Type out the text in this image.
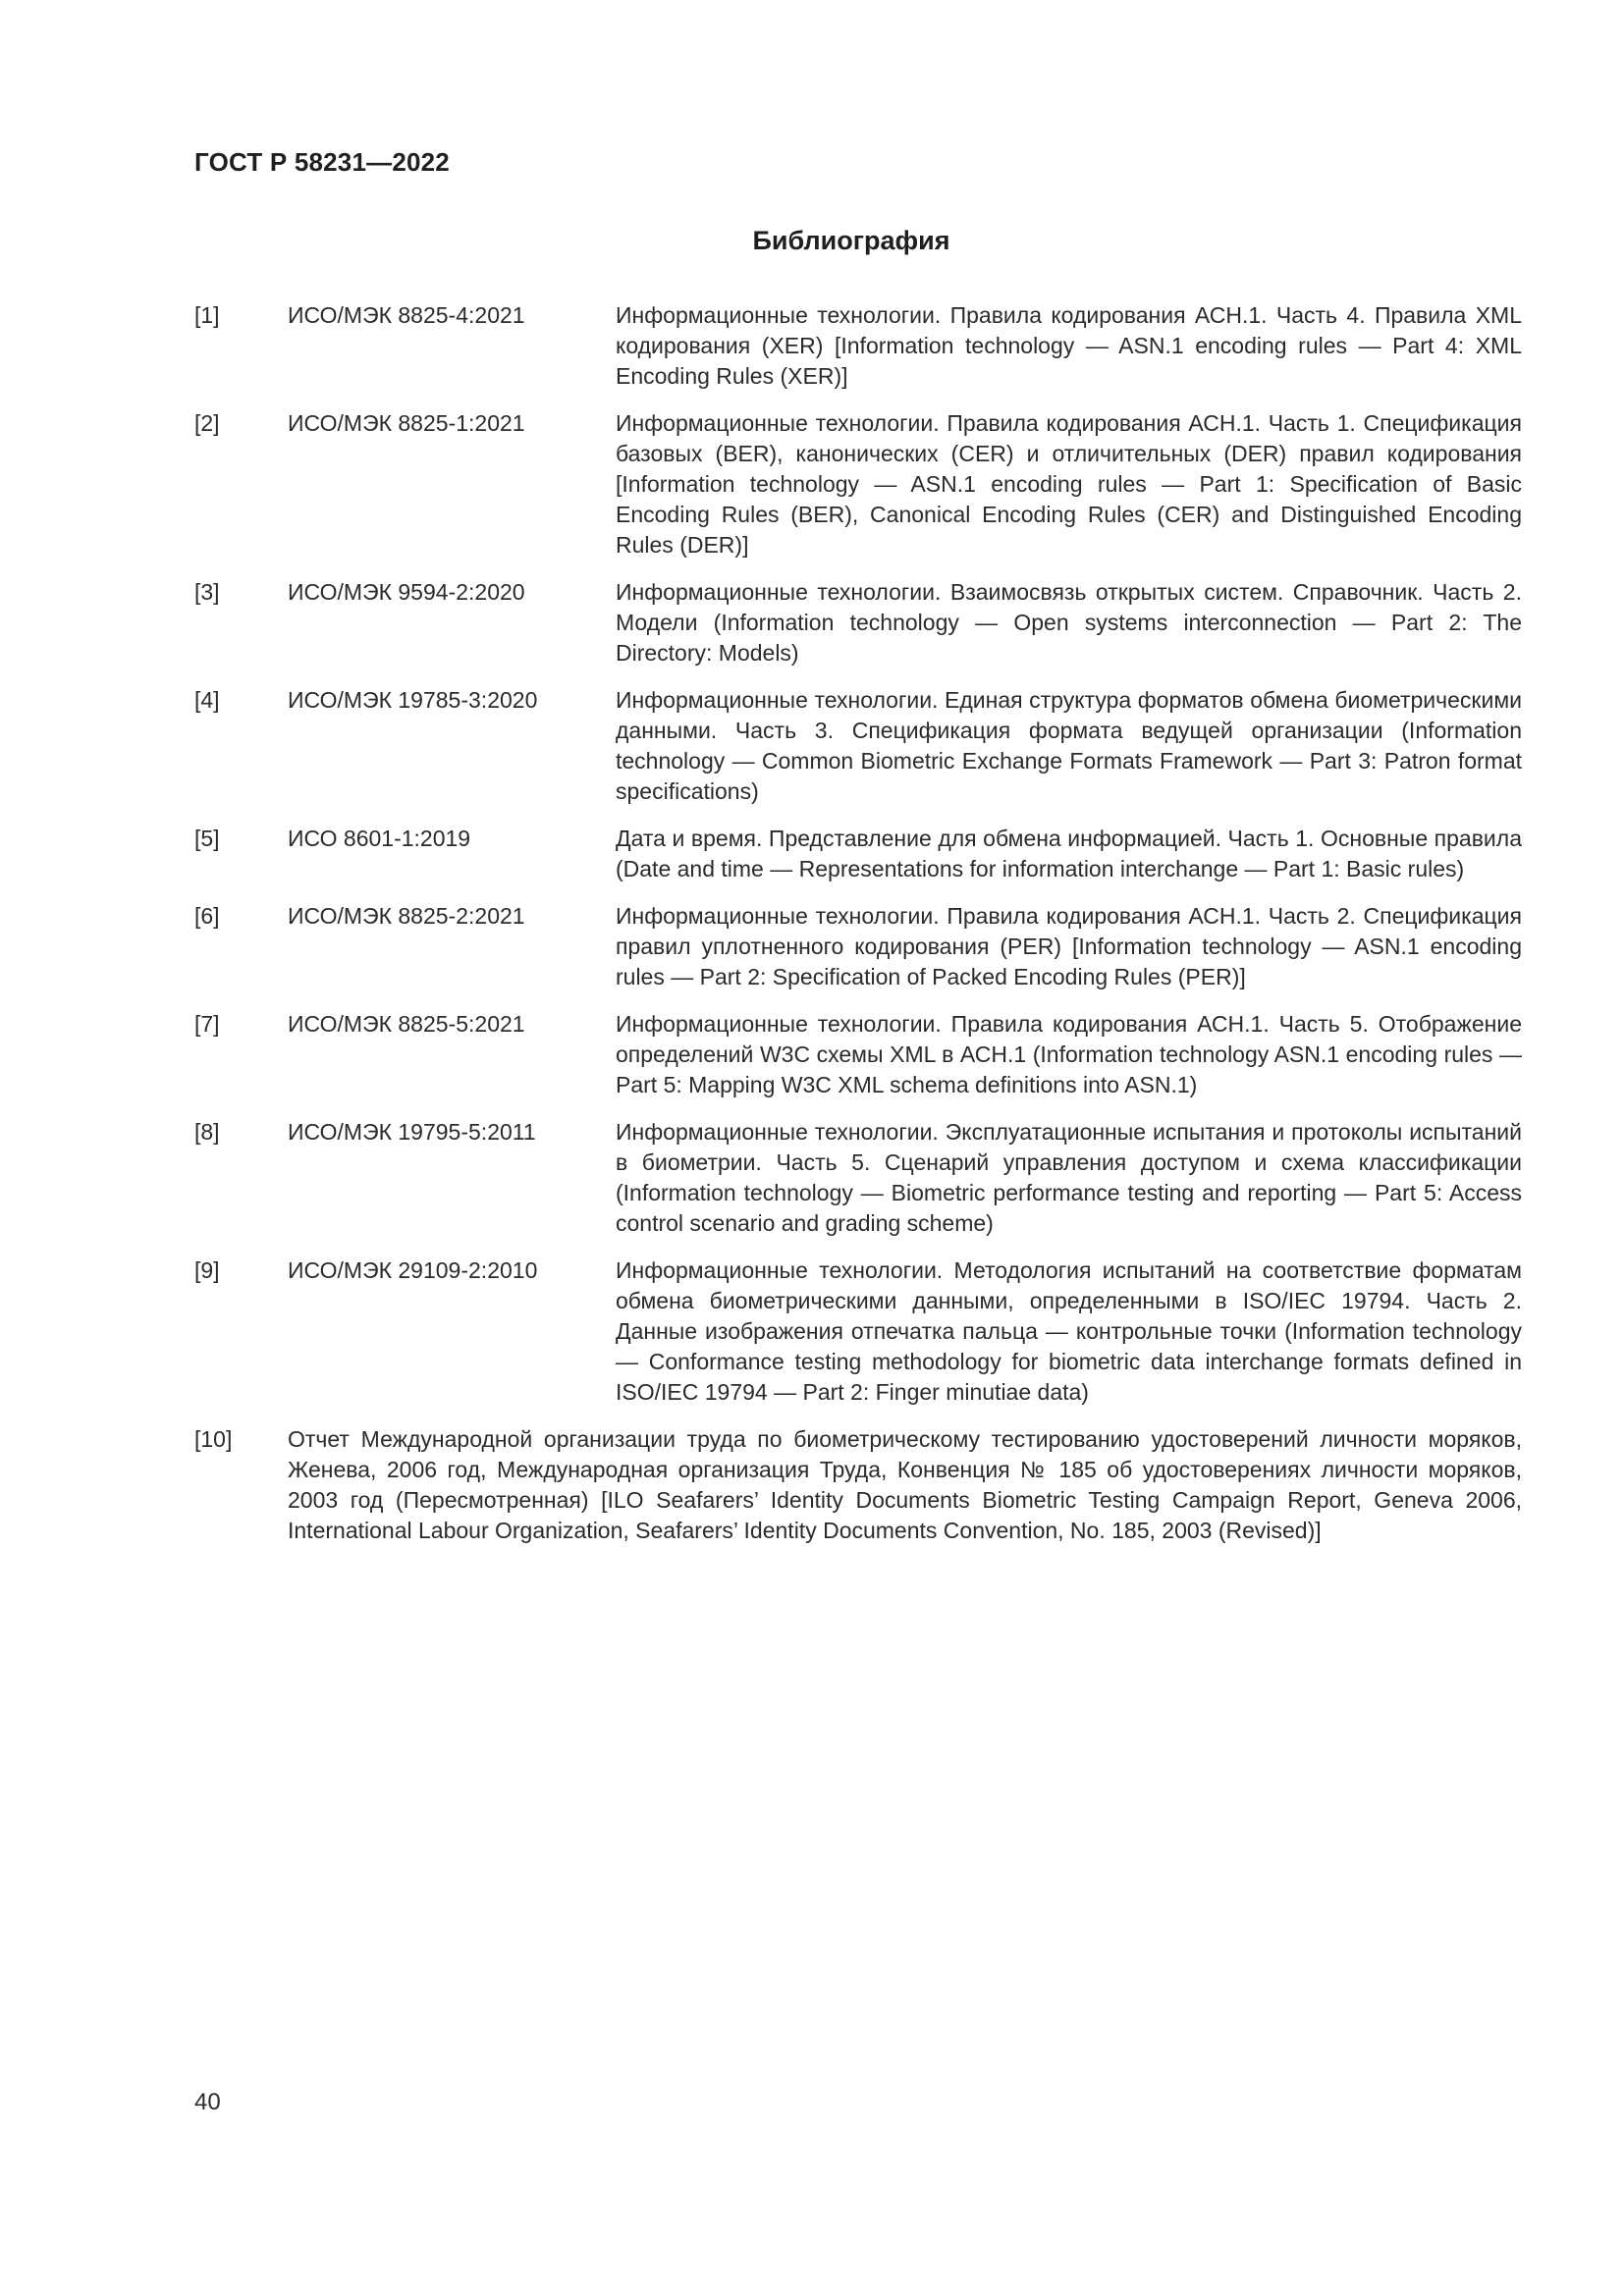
ГОСТ Р 58231—2022
Библиография
[1]	ИСО/МЭК 8825-4:2021	Информационные технологии. Правила кодирования АСН.1. Часть 4. Правила XML кодирования (XER) [Information technology — ASN.1 encoding rules — Part 4: XML Encoding Rules (XER)]
[2]	ИСО/МЭК 8825-1:2021	Информационные технологии. Правила кодирования АСН.1. Часть 1. Спецификация базовых (BER), канонических (CER) и отличительных (DER) правил кодирования [Information technology — ASN.1 encoding rules — Part 1: Specification of Basic Encoding Rules (BER), Canonical Encoding Rules (CER) and Distinguished Encoding Rules (DER)]
[3]	ИСО/МЭК 9594-2:2020	Информационные технологии. Взаимосвязь открытых систем. Справочник. Часть 2. Модели (Information technology — Open systems interconnection — Part 2: The Directory: Models)
[4]	ИСО/МЭК 19785-3:2020	Информационные технологии. Единая структура форматов обмена биометрическими данными. Часть 3. Спецификация формата ведущей организации (Information technology — Common Biometric Exchange Formats Framework — Part 3: Patron format specifications)
[5]	ИСО 8601-1:2019	Дата и время. Представление для обмена информацией. Часть 1. Основные правила (Date and time — Representations for information interchange — Part 1: Basic rules)
[6]	ИСО/МЭК 8825-2:2021	Информационные технологии. Правила кодирования АСН.1. Часть 2. Спецификация правил уплотненного кодирования (PER) [Information technology — ASN.1 encoding rules — Part 2: Specification of Packed Encoding Rules (PER)]
[7]	ИСО/МЭК 8825-5:2021	Информационные технологии. Правила кодирования АСН.1. Часть 5. Отображение определений W3C схемы XML в АСН.1 (Information technology ASN.1 encoding rules — Part 5: Mapping W3C XML schema definitions into ASN.1)
[8]	ИСО/МЭК 19795-5:2011	Информационные технологии. Эксплуатационные испытания и протоколы испытаний в биометрии. Часть 5. Сценарий управления доступом и схема классификации (Information technology — Biometric performance testing and reporting — Part 5: Access control scenario and grading scheme)
[9]	ИСО/МЭК 29109-2:2010	Информационные технологии. Методология испытаний на соответствие форматам обмена биометрическими данными, определенными в ISO/IEC 19794. Часть 2. Данные изображения отпечатка пальца — контрольные точки (Information technology — Conformance testing methodology for biometric data interchange formats defined in ISO/IEC 19794 — Part 2: Finger minutiae data)
[10]	Отчет Международной организации труда по биометрическому тестированию удостоверений личности моряков, Женева, 2006 год, Международная организация Труда, Конвенция № 185 об удостоверениях личности моряков, 2003 год (Пересмотренная) [ILO Seafarers’ Identity Documents Biometric Testing Campaign Report, Geneva 2006, International Labour Organization, Seafarers’ Identity Documents Convention, No. 185, 2003 (Revised)]
40
